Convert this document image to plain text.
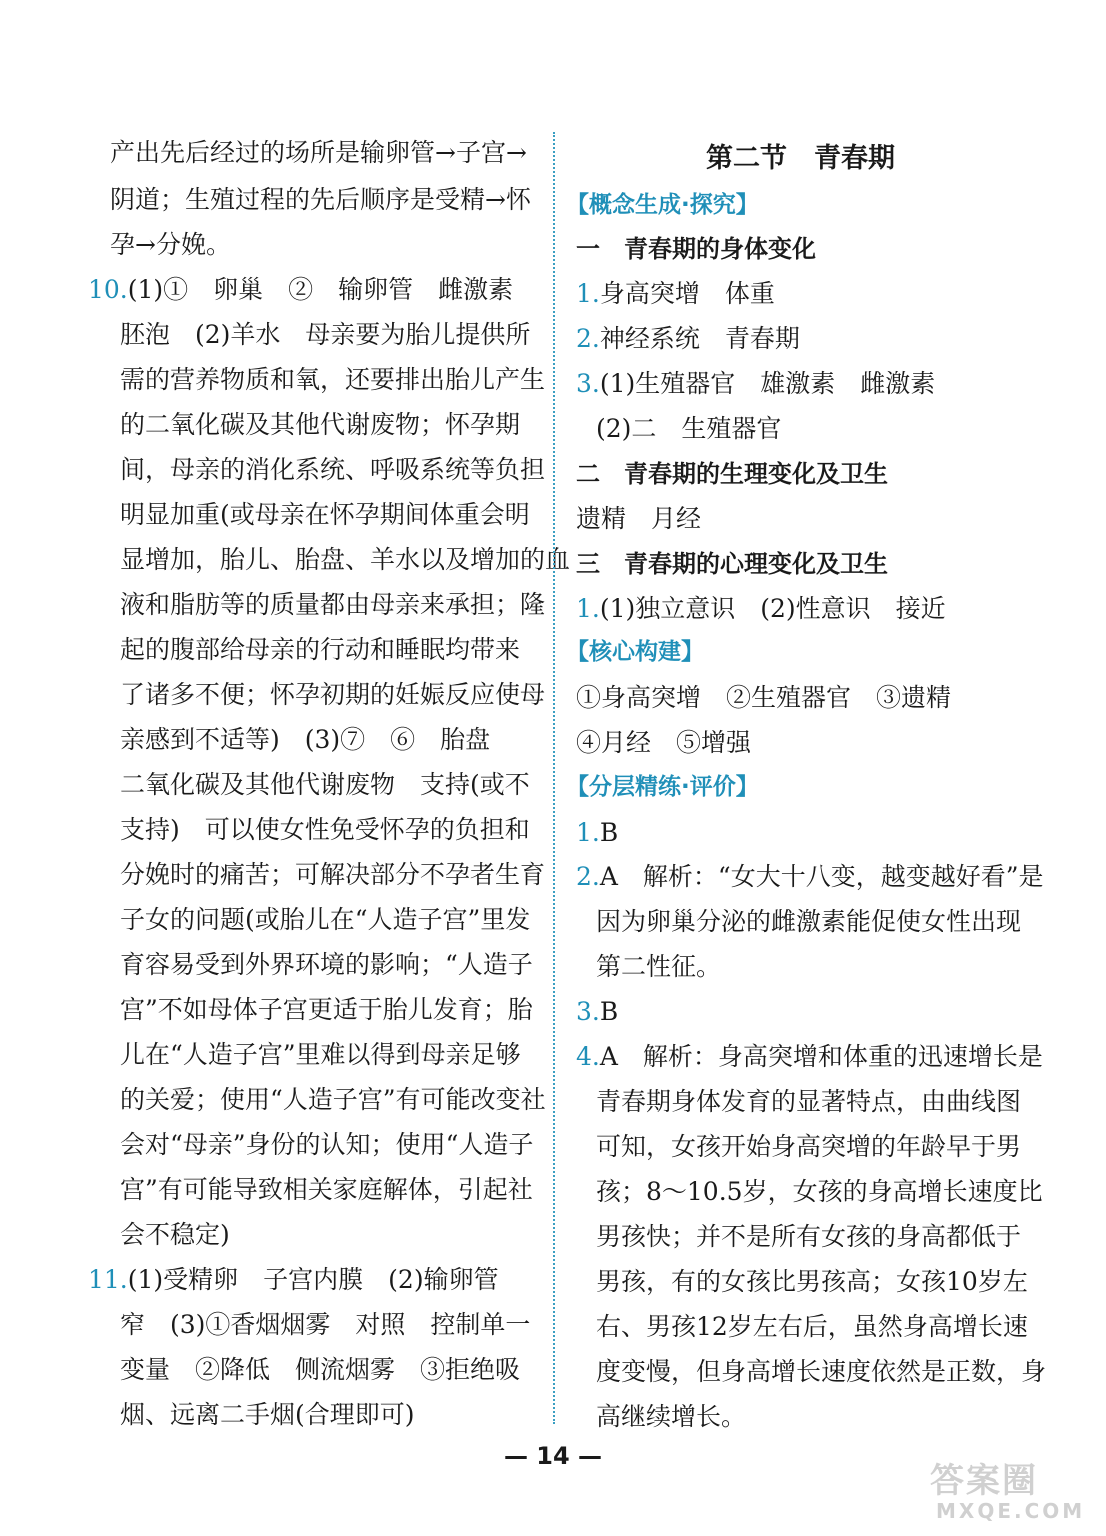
产出先后经过的场所是输卵管→子宫→
阴道；生殖过程的先后顺序是受精→怀
孕→分娩。
10.(1)①　卵巢　②　输卵管　雌激素
胚泡　(2)羊水　母亲要为胎儿提供所
需的营养物质和氧，还要排出胎儿产生
的二氧化碳及其他代谢废物；怀孕期
间，母亲的消化系统、呼吸系统等负担
明显加重(或母亲在怀孕期间体重会明
显增加，胎儿、胎盘、羊水以及增加的血
液和脂肪等的质量都由母亲来承担；隆
起的腹部给母亲的行动和睡眠均带来
了诸多不便；怀孕初期的妊娠反应使母
亲感到不适等)　(3)⑦　⑥　胎盘
二氧化碳及其他代谢废物　支持(或不
支持)　可以使女性免受怀孕的负担和
分娩时的痛苦；可解决部分不孕者生育
子女的问题(或胎儿在“人造子宫”里发
育容易受到外界环境的影响；“人造子
宫”不如母体子宫更适于胎儿发育；胎
儿在“人造子宫”里难以得到母亲足够
的关爱；使用“人造子宫”有可能改变社
会对“母亲”身份的认知；使用“人造子
宫”有可能导致相关家庭解体，引起社
会不稳定)
11.(1)受精卵　子宫内膜　(2)输卵管
窄　(3)①香烟烟雾　对照　控制单一
变量　②降低　侧流烟雾　③拒绝吸
烟、远离二手烟(合理即可)
第二节　青春期
【概念生成·探究】
一　青春期的身体变化
1.身高突增　体重
2.神经系统　青春期
3.(1)生殖器官　雄激素　雌激素
(2)二　生殖器官
二　青春期的生理变化及卫生
遗精　月经
三　青春期的心理变化及卫生
1.(1)独立意识　(2)性意识　接近
【核心构建】
①身高突增　②生殖器官　③遗精
④月经　⑤增强
【分层精练·评价】
1.B
2.A　解析：“女大十八变，越变越好看”是
因为卵巢分泌的雌激素能促使女性出现
第二性征。
3.B
4.A　解析：身高突增和体重的迅速增长是
青春期身体发育的显著特点，由曲线图
可知，女孩开始身高突增的年龄早于男
孩；8～10.5岁，女孩的身高增长速度比
男孩快；并不是所有女孩的身高都低于
男孩，有的女孩比男孩高；女孩10岁左
右、男孩12岁左右后，虽然身高增长速
度变慢，但身高增长速度依然是正数，身
高继续增长。
— 14 —
答案圈
MXQE.COM
